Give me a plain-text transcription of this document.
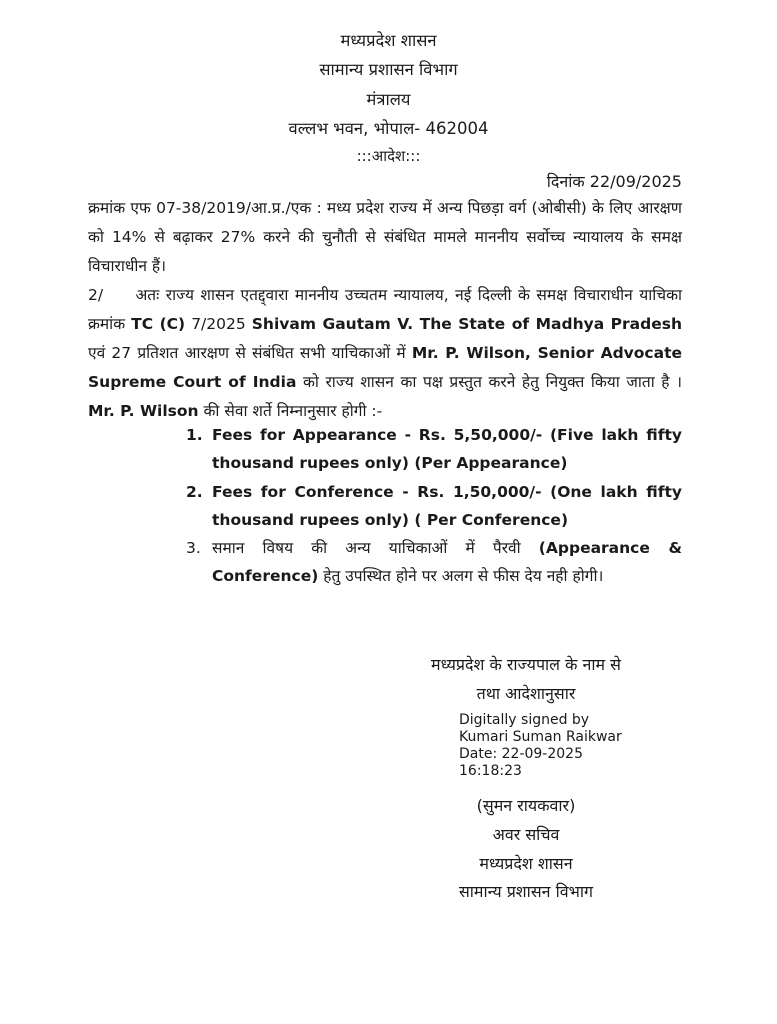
मध्यप्रदेश शासन
सामान्य प्रशासन विभाग
मंत्रालय
वल्लभ भवन, भोपाल- 462004
:::आदेश:::
दिनांक 22/09/2025
क्रमांक एफ 07-38/2019/आ.प्र./एक : मध्य प्रदेश राज्य में अन्य पिछड़ा वर्ग (ओबीसी) के लिए आरक्षण को 14% से बढ़ाकर 27% करने की चुनौती से संबंधित मामले माननीय सर्वोच्च न्यायालय के समक्ष विचाराधीन हैं।
2/ अतः राज्य शासन एतद्द्वारा माननीय उच्चतम न्यायालय, नई दिल्ली के समक्ष विचाराधीन याचिका क्रमांक TC (C) 7/2025 Shivam Gautam V. The State of Madhya Pradesh एवं 27 प्रतिशत आरक्षण से संबंधित सभी याचिकाओं में Mr. P. Wilson, Senior Advocate Supreme Court of India को राज्य शासन का पक्ष प्रस्तुत करने हेतु नियुक्त किया जाता है । Mr. P. Wilson की सेवा शर्ते निम्नानुसार होगी :-
1. Fees for Appearance - Rs. 5,50,000/- (Five lakh fifty thousand rupees only) (Per Appearance)
2. Fees for Conference - Rs. 1,50,000/- (One lakh fifty thousand rupees only) ( Per Conference)
3. समान विषय की अन्य याचिकाओं में पैरवी (Appearance & Conference) हेतु उपस्थित होने पर अलग से फीस देय नही होगी।
मध्यप्रदेश के राज्यपाल के नाम से
तथा आदेशानुसार
Digitally signed by
Kumari Suman Raikwar
Date: 22-09-2025
16:18:23
(सुमन रायकवार)
अवर सचिव
मध्यप्रदेश शासन
सामान्य प्रशासन विभाग
